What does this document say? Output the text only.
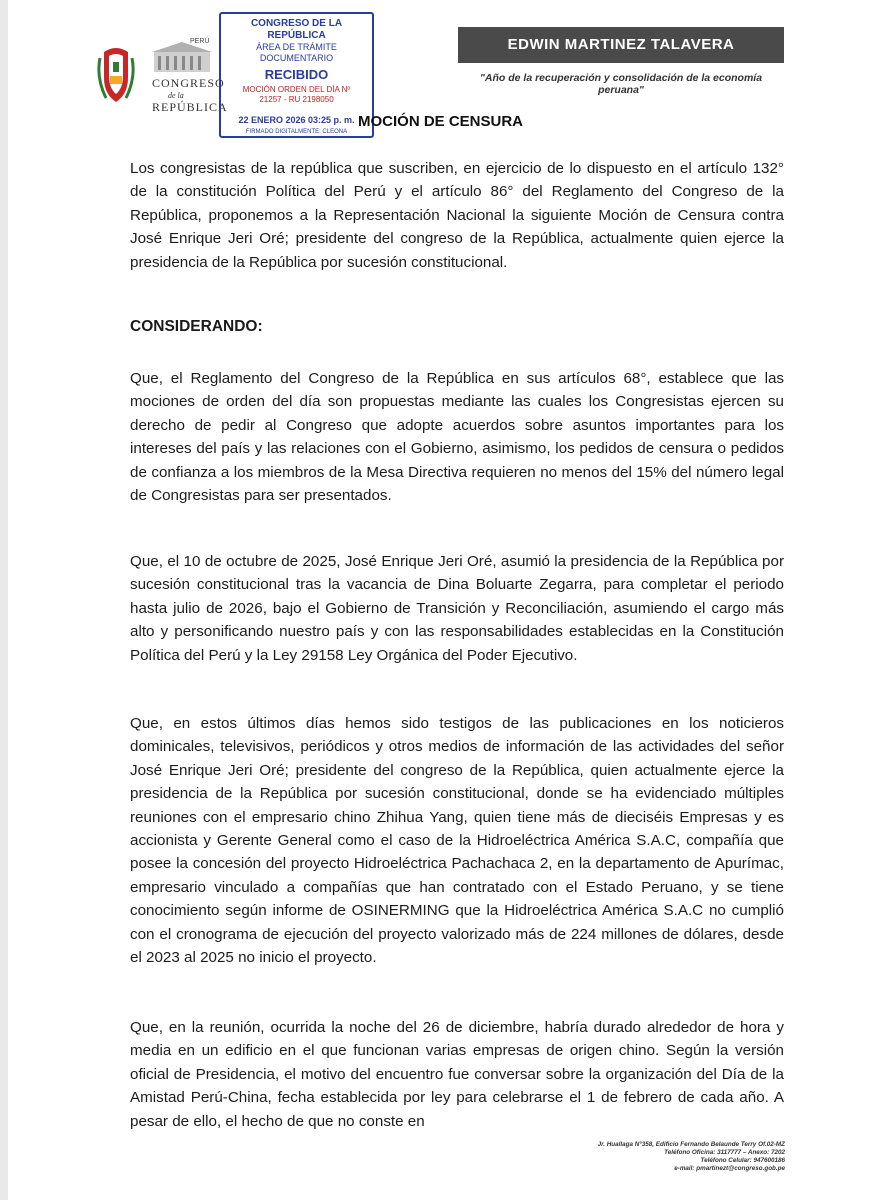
PERÚ
CONGRESO
de la
REPÚBLICA
CONGRESO DE LA REPÚBLICA
ÁREA DE TRÁMITE DOCUMENTARIO
RECIBIDO
MOCIÓN ORDEN DEL DÍA Nº
21257 - RU 2198050
22 ENERO 2026 03:25 p. m.
FIRMADO DIGITALMENTE: CLEONA
EDWIN MARTINEZ TALAVERA
"Año de la recuperación y consolidación de la economía peruana"
MOCIÓN DE CENSURA

Los congresistas de la república que suscriben, en ejercicio de lo dispuesto en el artículo 132° de la constitución Política del Perú y el artículo 86° del Reglamento del Congreso de la República, proponemos a la Representación Nacional la siguiente Moción de Censura contra José Enrique Jeri Oré; presidente del congreso de la República, actualmente quien ejerce la presidencia de la República por sucesión constitucional.

CONSIDERANDO:

Que, el Reglamento del Congreso de la República en sus artículos 68°, establece que las mociones de orden del día son propuestas mediante las cuales los Congresistas ejercen su derecho de pedir al Congreso que adopte acuerdos sobre asuntos importantes para los intereses del país y las relaciones con el Gobierno, asimismo, los pedidos de censura o pedidos de confianza a los miembros de la Mesa Directiva requieren no menos del 15% del número legal de Congresistas para ser presentados.

Que, el 10 de octubre de 2025, José Enrique Jeri Oré, asumió la presidencia de la República por sucesión constitucional tras la vacancia de Dina Boluarte Zegarra, para completar el periodo hasta julio de 2026, bajo el Gobierno de Transición y Reconciliación, asumiendo el cargo más alto y personificando nuestro país y con las responsabilidades establecidas en la Constitución Política del Perú y la Ley 29158 Ley Orgánica del Poder Ejecutivo.

Que, en estos últimos días hemos sido testigos de las publicaciones en los noticieros dominicales, televisivos, periódicos y otros medios de información de las actividades del señor José Enrique Jeri Oré; presidente del congreso de la República, quien actualmente ejerce la presidencia de la República por sucesión constitucional, donde se ha evidenciado múltiples reuniones con el empresario chino Zhihua Yang, quien tiene más de dieciséis Empresas y es accionista y Gerente General como el caso de la Hidroeléctrica América S.A.C, compañía que posee la concesión del proyecto Hidroeléctrica Pachachaca 2, en la departamento de Apurímac, empresario vinculado a compañías que han contratado con el Estado Peruano, y se tiene conocimiento según informe de OSINERMING que la Hidroeléctrica América S.A.C no cumplió con el cronograma de ejecución del proyecto valorizado más de 224 millones de dólares, desde el 2023 al 2025 no inicio el proyecto.

Que, en la reunión, ocurrida la noche del 26 de diciembre, habría durado alrededor de hora y media en un edificio en el que funcionan varias empresas de origen chino. Según la versión oficial de Presidencia, el motivo del encuentro fue conversar sobre la organización del Día de la Amistad Perú-China, fecha establecida por ley para celebrarse el 1 de febrero de cada año. A pesar de ello, el hecho de que no conste en

Jr. Huallaga N°358, Edificio Fernando Belaunde Terry Of.02-MZ
Teléfono Oficina: 3117777 – Anexo: 7202
Teléfono Celular: 947600186
e-mail: pmartinezt@congreso.gob.pe
